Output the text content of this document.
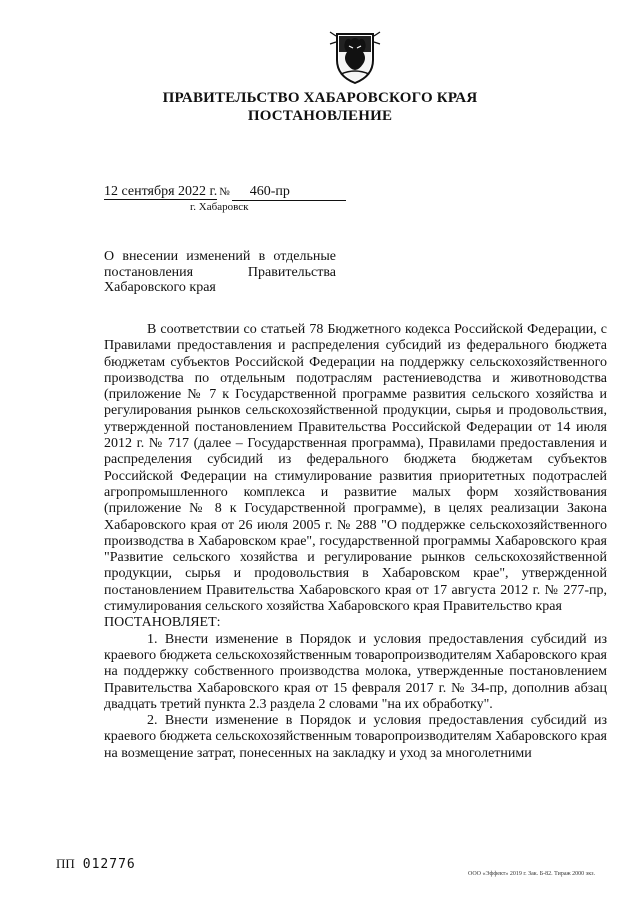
ПРАВИТЕЛЬСТВО ХАБАРОВСКОГО КРАЯ
ПОСТАНОВЛЕНИЕ
12 сентября 2022 г. № 460-пр
г. Хабаровск
О внесении изменений в отдельные
постановления Правительства
Хабаровского края

В соответствии со статьей 78 Бюджетного кодекса Российской Федерации, с Правилами предоставления и распределения субсидий из федерального бюджета бюджетам субъектов Российской Федерации на поддержку сельскохозяйственного производства по отдельным подотраслям растениеводства и животноводства (приложение № 7 к Государственной программе развития сельского хозяйства и регулирования рынков сельскохозяйственной продукции, сырья и продовольствия, утвержденной постановлением Правительства Российской Федерации от 14 июля 2012 г. № 717 (далее – Государственная программа), Правилами предоставления и распределения субсидий из федерального бюджета бюджетам субъектов Российской Федерации на стимулирование развития приоритетных подотраслей агропромышленного комплекса и развитие малых форм хозяйствования (приложение № 8 к Государственной программе), в целях реализации Закона Хабаровского края от 26 июля 2005 г. № 288 "О поддержке сельскохозяйственного производства в Хабаровском крае", государственной программы Хабаровского края "Развитие сельского хозяйства и регулирование рынков сельскохозяйственной продукции, сырья и продовольствия в Хабаровском крае", утвержденной постановлением Правительства Хабаровского края от 17 августа 2012 г. № 277-пр, стимулирования сельского хозяйства Хабаровского края Правительство края

ПОСТАНОВЛЯЕТ:

1. Внести изменение в Порядок и условия предоставления субсидий из краевого бюджета сельскохозяйственным товаропроизводителям Хабаровского края на поддержку собственного производства молока, утвержденные постановлением Правительства Хабаровского края от 15 февраля 2017 г. № 34-пр, дополнив абзац двадцать третий пункта 2.3 раздела 2 словами "на их обработку".

2. Внести изменение в Порядок и условия предоставления субсидий из краевого бюджета сельскохозяйственным товаропроизводителям Хабаровского края на возмещение затрат, понесенных на закладку и уход за многолетними

ПП 012776
ООО «Эффект» 2019 г. Зак. Б-82. Тираж 2000 экз.
